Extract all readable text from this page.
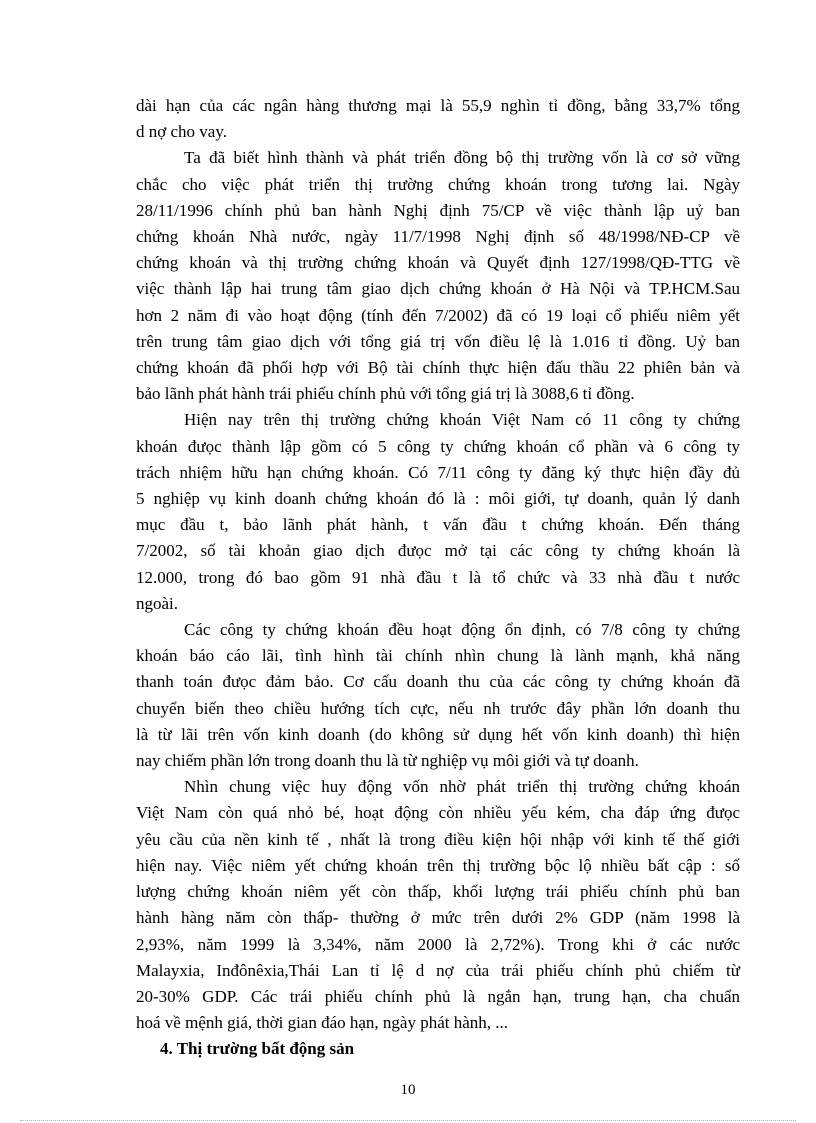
dài hạn của các ngân hàng thương mại là 55,9 nghìn tỉ đồng, bằng 33,7% tổng
d nợ cho vay.
Ta đã biết hình thành và phát triển đồng bộ thị trường vốn là cơ sở vững
chắc cho việc phát triển thị trường chứng khoán trong tương lai. Ngày
28/11/1996 chính phủ ban hành Nghị định 75/CP về việc thành lập uỷ ban
chứng khoán Nhà nước, ngày 11/7/1998 Nghị định số 48/1998/NĐ-CP về
chứng khoán và thị trường chứng khoán và Quyết định 127/1998/QĐ-TTG về
việc thành lập hai trung tâm giao dịch chứng khoán ở Hà Nội và TP.HCM.Sau
hơn 2 năm đi vào hoạt động (tính đến 7/2002) đã có 19 loại cổ phiếu niêm yết
trên trung tâm giao dịch với tổng giá trị vốn điều lệ là 1.016 tỉ đồng. Uỷ ban
chứng khoán đã phối hợp với Bộ tài chính thực hiện đấu thầu 22 phiên bản và
bảo lãnh phát hành trái phiếu chính phủ với tổng giá trị là 3088,6 tỉ đồng.
Hiện nay trên thị trường chứng khoán Việt Nam có 11 công ty chứng
khoán đưọc thành lập gồm có 5 công ty chứng khoán cổ phần và 6 công ty
trách nhiệm hữu hạn chứng khoán. Có 7/11 công ty đăng ký thực hiện đầy đủ
5 nghiệp vụ kinh doanh chứng khoán đó là : môi giới, tự doanh, quản lý danh
mục đầu t, bảo lãnh phát hành, t vấn đầu t chứng khoán. Đến tháng
7/2002, số tài khoản giao dịch đưọc mở tại các công ty chứng khoán là
12.000, trong đó bao gồm 91 nhà đầu t là tổ chức và 33 nhà đầu t nước
ngoài.
Các công ty chứng khoán đều hoạt động ổn định, có 7/8 công ty chứng
khoán báo cáo lãi, tình hình tài chính nhìn chung là lành mạnh, khả năng
thanh toán đưọc đảm bảo. Cơ cấu doanh thu của các công ty chứng khoán đã
chuyển biến theo chiều hướng tích cực, nếu nh trước đây phần lớn doanh thu
là từ lãi trên vốn kinh doanh (do không sử dụng hết vốn kinh doanh) thì hiện
nay chiếm phần lớn trong doanh thu là từ nghiệp vụ môi giới và tự doanh.
Nhìn chung việc huy động vốn nhờ phát triển thị trường chứng khoán
Việt Nam còn quá nhỏ bé, hoạt động còn nhiều yếu kém, cha đáp ứng đưọc
yêu cầu của nền kinh tế , nhất là trong điều kiện hội nhập với kinh tế thế giới
hiện nay. Việc niêm yết chứng khoán trên thị trường bộc lộ nhiều bất cập : số
lượng chứng khoán niêm yết còn thấp, khối lượng trái phiếu chính phủ ban
hành hàng năm còn thấp- thường ở mức trên dưới 2% GDP (năm 1998 là
2,93%, năm 1999 là 3,34%, năm 2000 là 2,72%). Trong khi ở các nước
Malayxia, Inđônêxia,Thái Lan tỉ lệ d nợ của trái phiếu chính phủ chiếm từ
20-30% GDP. Các trái phiếu chính phủ là ngắn hạn, trung hạn, cha chuẩn
hoá về mệnh giá, thời gian đáo hạn, ngày phát hành, ...
4. Thị trường bất động sản
10
